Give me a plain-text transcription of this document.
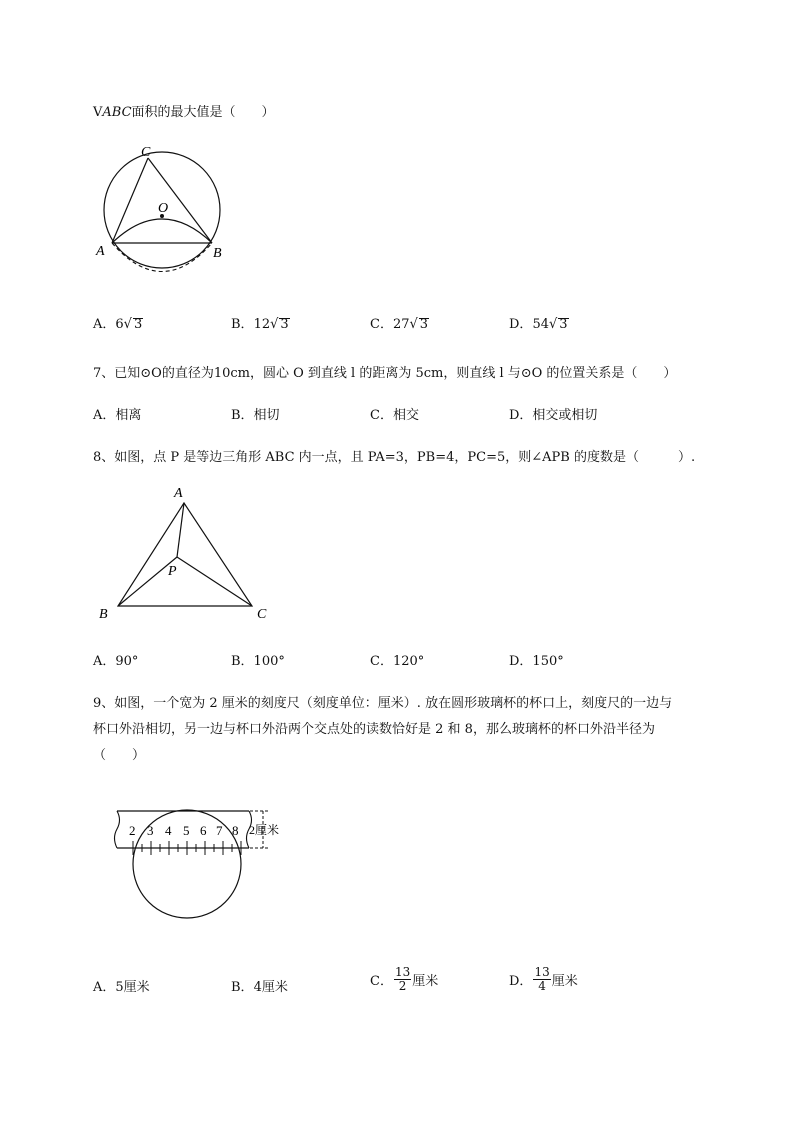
VABC面积的最大值是（　　）
C
O
A	B
A．6√ 3	B．12√ 3	C．27√ 3	D．54√ 3
7、已知⊙O的直径为10cm，圆心 O 到直线 l 的距离为 5cm，则直线 l 与⊙O 的位置关系是（　　）
A．相离	B．相切	C．相交	D．相交或相切
8、如图，点 P 是等边三角形 ABC 内一点，且 PA=3，PB=4，PC=5，则∠APB 的度数是（　　　）.
A
B	C
P
A．90°	B．100°	C．120°	D．150°
9、如图，一个宽为 2 厘米的刻度尺（刻度单位：厘米）. 放在圆形玻璃杯的杯口上，刻度尺的一边与
杯口外沿相切，另一边与杯口外沿两个交点处的读数恰好是 2 和 8，那么玻璃杯的杯口外沿半径为
（　　）
2 3 4 5 6 7 8 2厘米
A．5厘米	B．4厘米	C． $\frac{13}{2}$ 厘米	D． $\frac{13}{4}$ 厘米
